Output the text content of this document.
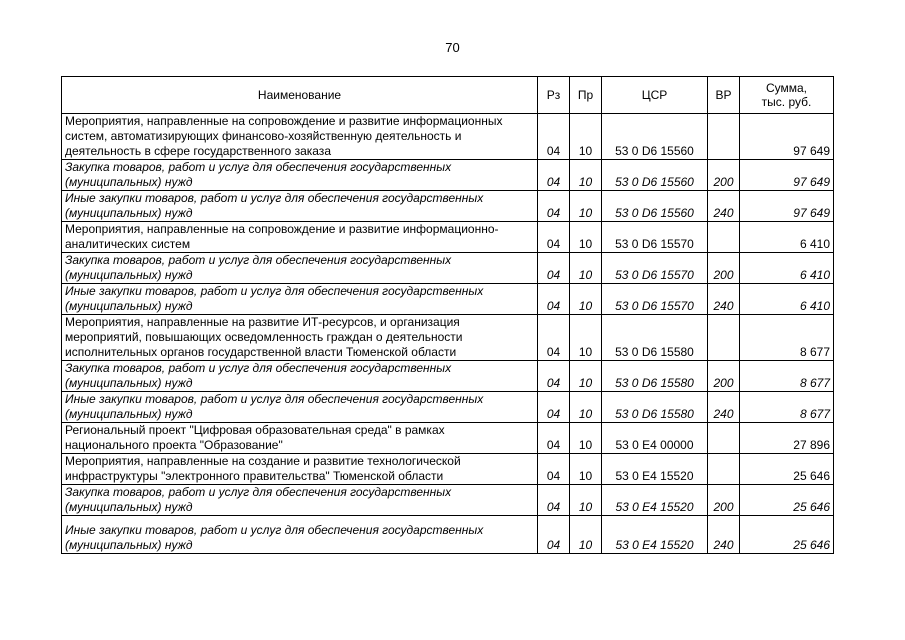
70
Наименование	Рз	Пр	ЦСР	ВР	Сумма,
тыс. руб.
Мероприятия, направленные на сопровождение и развитие информационных
систем, автоматизирующих финансово-хозяйственную деятельность и
деятельность в сфере государственного заказа	04	10	53 0 D6 15560		97 649
Закупка товаров, работ и услуг для обеспечения государственных
(муниципальных) нужд	04	10	53 0 D6 15560	200	97 649
Иные закупки товаров, работ и услуг для обеспечения государственных
(муниципальных) нужд	04	10	53 0 D6 15560	240	97 649
Мероприятия, направленные на сопровождение и развитие информационно-
аналитических систем	04	10	53 0 D6 15570		6 410
Закупка товаров, работ и услуг для обеспечения государственных
(муниципальных) нужд	04	10	53 0 D6 15570	200	6 410
Иные закупки товаров, работ и услуг для обеспечения государственных
(муниципальных) нужд	04	10	53 0 D6 15570	240	6 410
Мероприятия, направленные на развитие ИТ-ресурсов, и организация
мероприятий, повышающих осведомленность граждан о деятельности
исполнительных органов государственной власти Тюменской области	04	10	53 0 D6 15580		8 677
Закупка товаров, работ и услуг для обеспечения государственных
(муниципальных) нужд	04	10	53 0 D6 15580	200	8 677
Иные закупки товаров, работ и услуг для обеспечения государственных
(муниципальных) нужд	04	10	53 0 D6 15580	240	8 677
Региональный проект "Цифровая образовательная среда" в рамках
национального проекта "Образование"	04	10	53 0 E4 00000		27 896
Мероприятия, направленные на создание и развитие технологической
инфраструктуры "электронного правительства" Тюменской области	04	10	53 0 E4 15520		25 646
Закупка товаров, работ и услуг для обеспечения государственных
(муниципальных) нужд	04	10	53 0 E4 15520	200	25 646
Иные закупки товаров, работ и услуг для обеспечения государственных
(муниципальных) нужд	04	10	53 0 E4 15520	240	25 646
